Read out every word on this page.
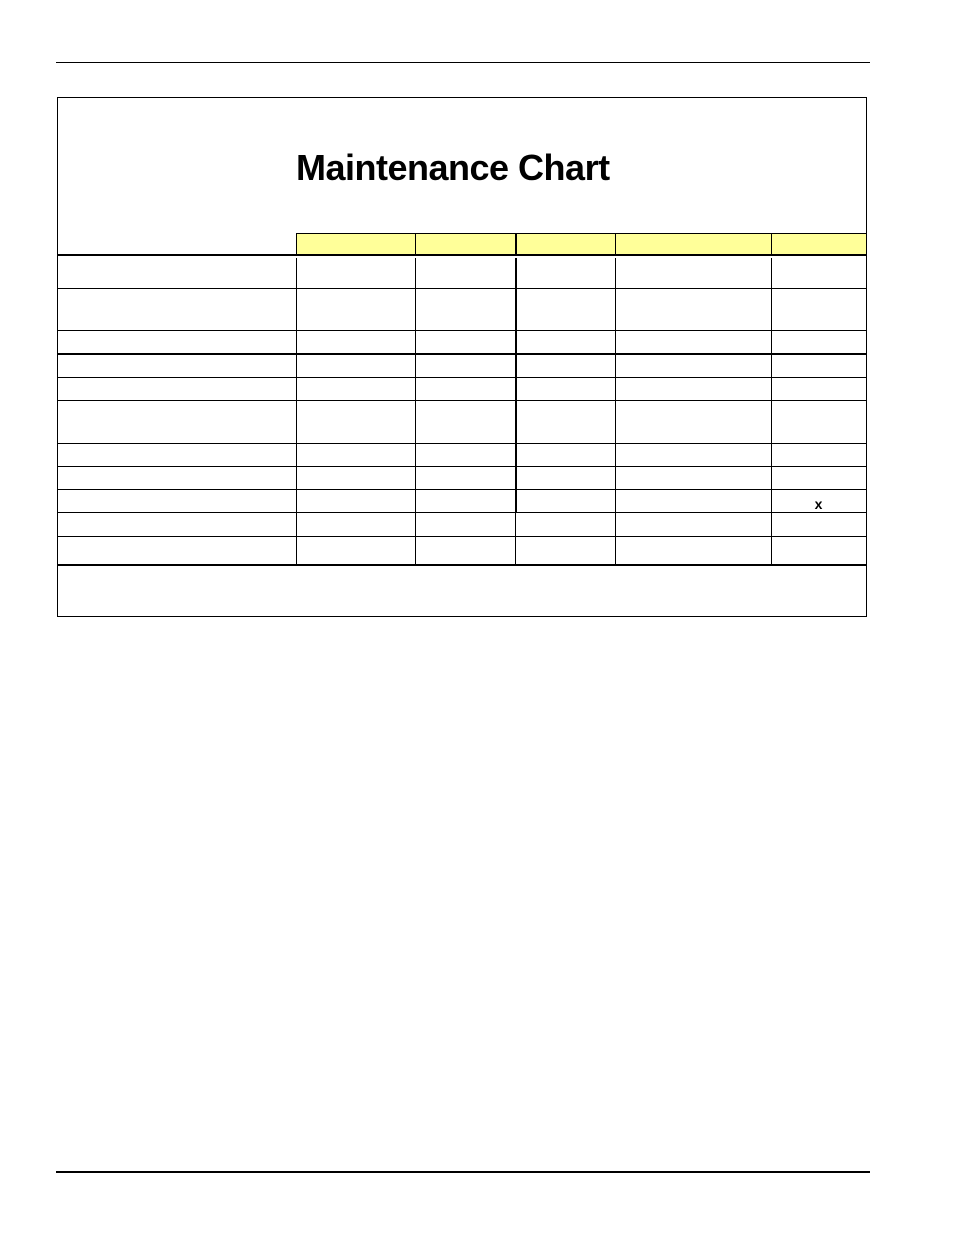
Maintenance Chart
x
